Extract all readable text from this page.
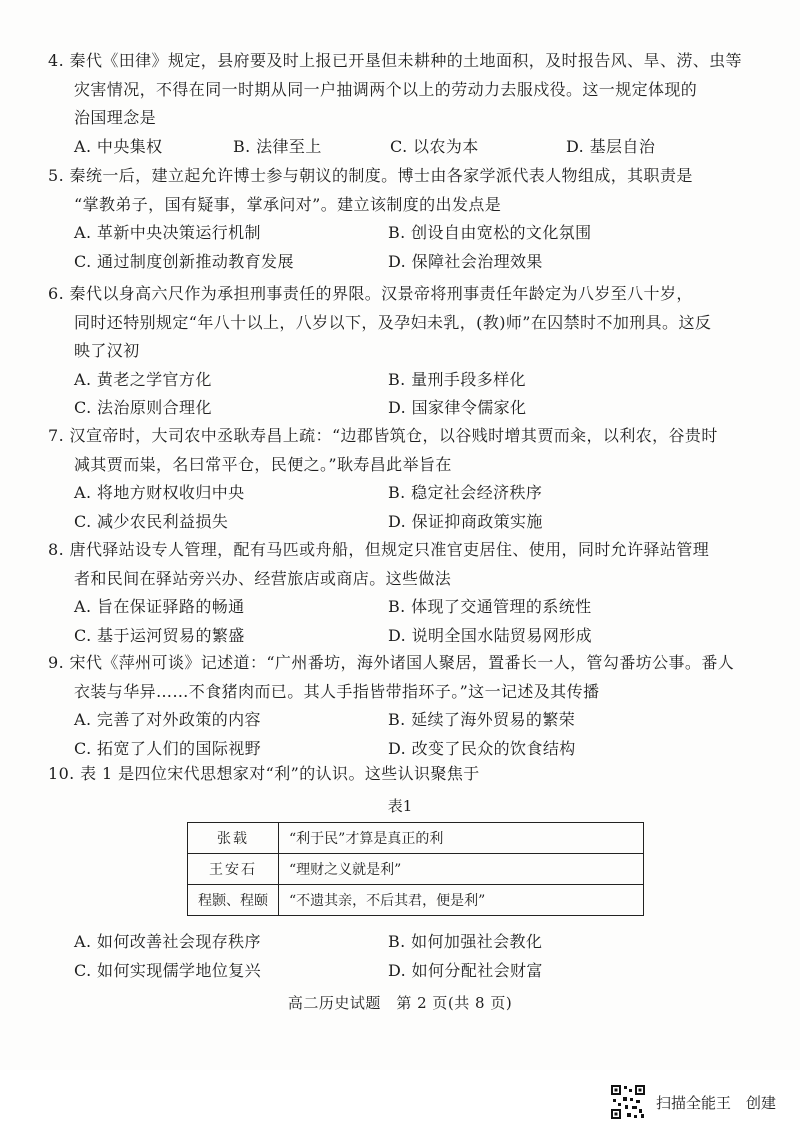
4. 秦代《田律》规定，县府要及时上报已开垦但未耕种的土地面积，及时报告风、旱、涝、虫等

灾害情况，不得在同一时期从同一户抽调两个以上的劳动力去服戍役。这一规定体现的

治国理念是

A. 中央集权	B. 法律至上	C. 以农为本	D. 基层自治

5. 秦统一后，建立起允许博士参与朝议的制度。博士由各家学派代表人物组成，其职责是

“掌教弟子，国有疑事，掌承问对”。建立该制度的出发点是

A. 革新中央决策运行机制	B. 创设自由宽松的文化氛围
C. 通过制度创新推动教育发展	D. 保障社会治理效果

6. 秦代以身高六尺作为承担刑事责任的界限。汉景帝将刑事责任年龄定为八岁至八十岁，

同时还特别规定“年八十以上，八岁以下，及孕妇未乳，(教)师”在囚禁时不加刑具。这反

映了汉初

A. 黄老之学官方化	B. 量刑手段多样化
C. 法治原则合理化	D. 国家律令儒家化

7. 汉宣帝时，大司农中丞耿寿昌上疏：“边郡皆筑仓，以谷贱时增其贾而籴，以利农，谷贵时

减其贾而粜，名曰常平仓，民便之。”耿寿昌此举旨在

A. 将地方财权收归中央	B. 稳定社会经济秩序
C. 减少农民利益损失	D. 保证抑商政策实施

8. 唐代驿站设专人管理，配有马匹或舟船，但规定只准官吏居住、使用，同时允许驿站管理

者和民间在驿站旁兴办、经营旅店或商店。这些做法

A. 旨在保证驿路的畅通	B. 体现了交通管理的系统性
C. 基于运河贸易的繁盛	D. 说明全国水陆贸易网形成

9. 宋代《萍州可谈》记述道：“广州番坊，海外诸国人聚居，置番长一人，管勾番坊公事。番人

衣装与华异……不食猪肉而已。其人手指皆带指环子。”这一记述及其传播

A. 完善了对外政策的内容	B. 延续了海外贸易的繁荣
C. 拓宽了人们的国际视野	D. 改变了民众的饮食结构

10. 表 1 是四位宋代思想家对“利”的认识。这些认识聚焦于

表1
张载	“利于民”才算是真正的利
王安石	“理财之义就是利”
程颢、程颐	“不遗其亲，不后其君，便是利”
A. 如何改善社会现存秩序	B. 如何加强社会教化
C. 如何实现儒学地位复兴	D. 如何分配社会财富
高二历史试题　第 2 页(共 8 页)
扫描全能王　创建
